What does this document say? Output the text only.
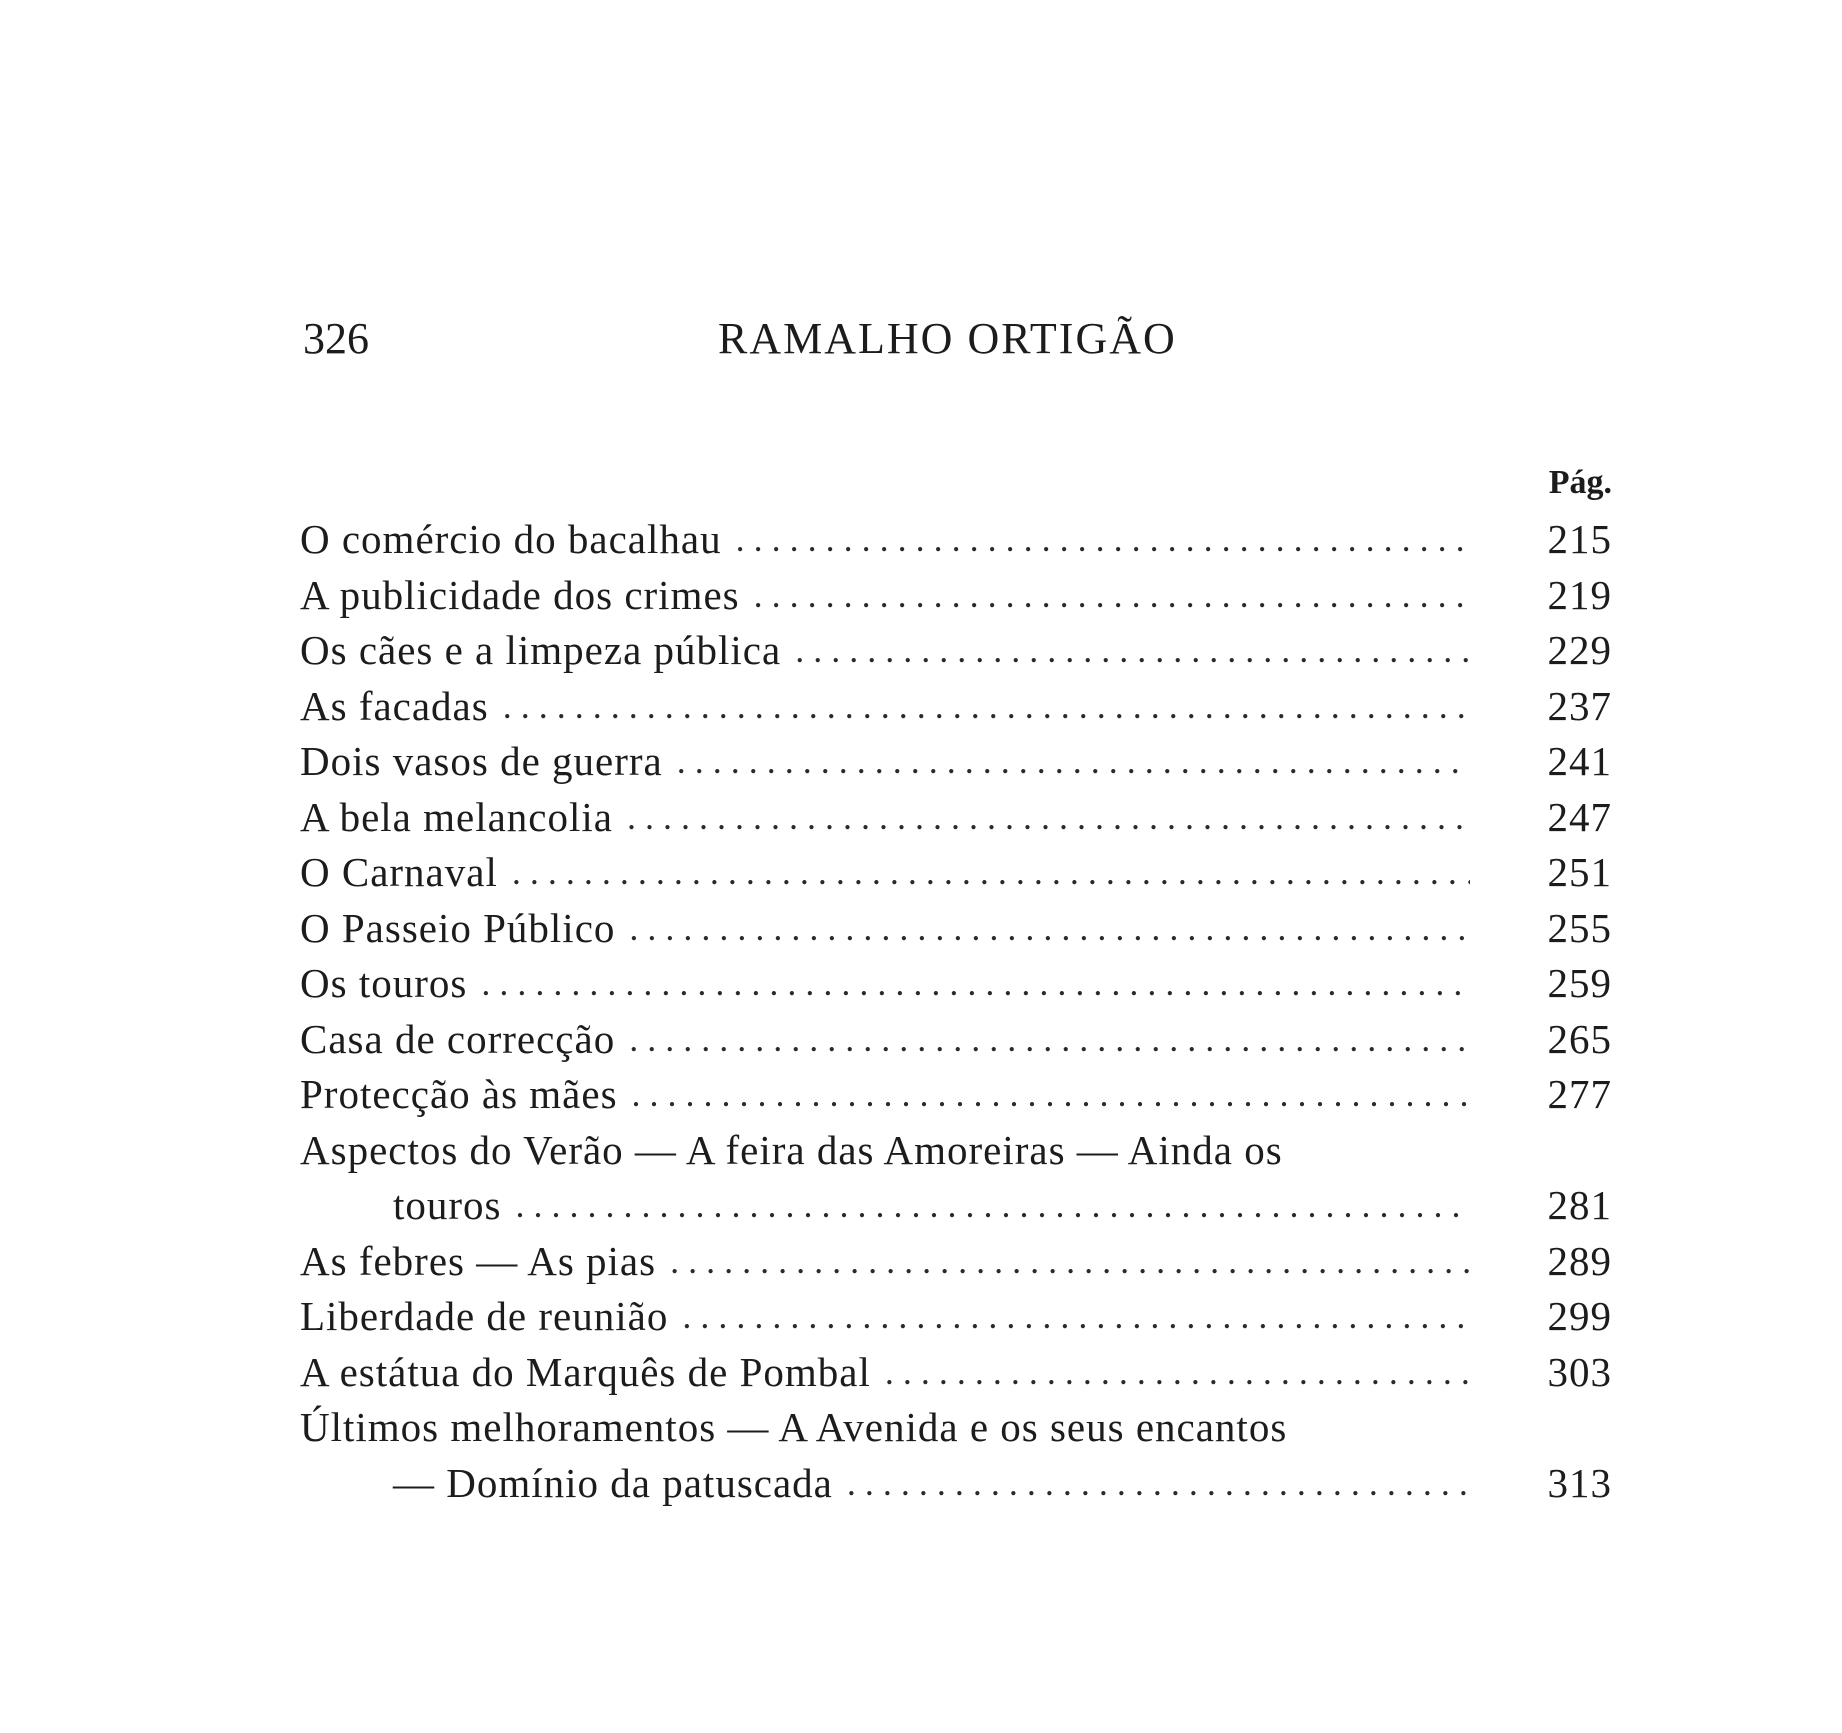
326	RAMALHO ORTIGÃO
Pág.
O comércio do bacalhau . . .	215
A publicidade dos crimes . . .	219
Os cães e a limpeza pública . . .	229
As facadas . . .	237
Dois vasos de guerra . . .	241
A bela melancolia . . .	247
O Carnaval . . .	251
O Passeio Público . . .	255
Os touros . . .	259
Casa de correcção . . .	265
Protecção às mães . . .	277
Aspectos do Verão — A feira das Amoreiras — Ainda os
touros . . .	281
As febres — As pias . . .	289
Liberdade de reunião . . .	299
A estátua do Marquês de Pombal . . .	303
Últimos melhoramentos — A Avenida e os seus encantos
— Domínio da patuscada . . .	313
